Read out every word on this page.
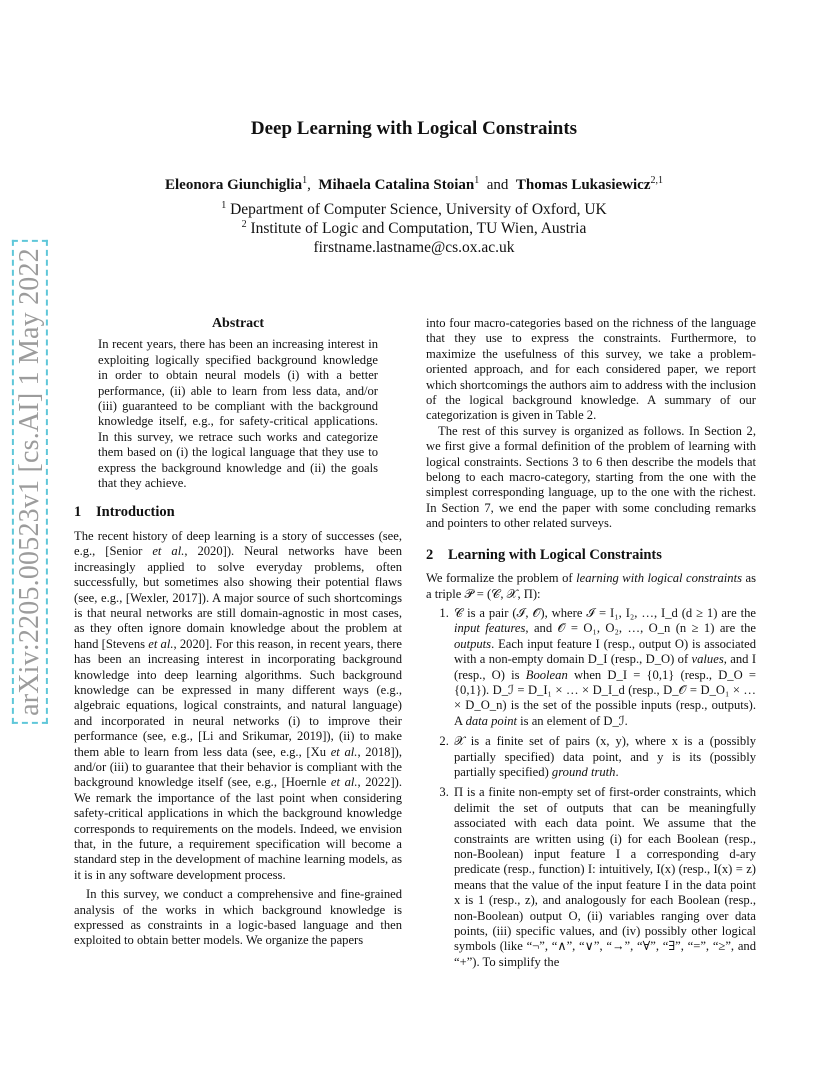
arXiv:2205.00523v1 [cs.AI] 1 May 2022
Deep Learning with Logical Constraints
Eleonora Giunchiglia$^1$,  Mihaela Catalina Stoian$^1$ and Thomas Lukasiewicz$^{2,1}$
$^1$ Department of Computer Science, University of Oxford, UK
$^2$ Institute of Logic and Computation, TU Wien, Austria
firstname.lastname@cs.ox.ac.uk
Abstract

In recent years, there has been an increasing interest in exploiting logically specified background knowledge in order to obtain neural models (i) with a better performance, (ii) able to learn from less data, and/or (iii) guaranteed to be compliant with the background knowledge itself, e.g., for safety-critical applications. In this survey, we retrace such works and categorize them based on (i) the logical language that they use to express the background knowledge and (ii) the goals that they achieve.

1 Introduction

The recent history of deep learning is a story of successes (see, e.g., [Senior et al., 2020]). Neural networks have been increasingly applied to solve everyday problems, often successfully, but sometimes also showing their potential flaws (see, e.g., [Wexler, 2017]). A major source of such shortcomings is that neural networks are still domain-agnostic in most cases, as they often ignore domain knowledge about the problem at hand [Stevens et al., 2020]. For this reason, in recent years, there has been an increasing interest in incorporating background knowledge into deep learning algorithms. Such background knowledge can be expressed in many different ways (e.g., algebraic equations, logical constraints, and natural language) and incorporated in neural networks (i) to improve their performance (see, e.g., [Li and Srikumar, 2019]), (ii) to make them able to learn from less data (see, e.g., [Xu et al., 2018]), and/or (iii) to guarantee that their behavior is compliant with the background knowledge itself (see, e.g., [Hoernle et al., 2022]). We remark the importance of the last point when considering safety-critical applications in which the background knowledge corresponds to requirements on the models. Indeed, we envision that, in the future, a requirement specification will become a standard step in the development of machine learning models, as it is in any software development process.

In this survey, we conduct a comprehensive and fine-grained analysis of the works in which background knowledge is expressed as constraints in a logic-based language and then exploited to obtain better models. We organize the papers

into four macro-categories based on the richness of the language that they use to express the constraints. Furthermore, to maximize the usefulness of this survey, we take a problem-oriented approach, and for each considered paper, we report which shortcomings the authors aim to address with the inclusion of the logical background knowledge. A summary of our categorization is given in Table 2.

The rest of this survey is organized as follows. In Section 2, we first give a formal definition of the problem of learning with logical constraints. Sections 3 to 6 then describe the models that belong to each macro-category, starting from the one with the simplest corresponding language, up to the one with the richest. In Section 7, we end the paper with some concluding remarks and pointers to other related surveys.

2 Learning with Logical Constraints

We formalize the problem of learning with logical constraints as a triple 𝒫 = (𝒞, 𝒳, Π):

1. 𝒞 is a pair (ℐ, 𝒪), where ℐ = I₁, I₂, …, I_d (d ≥ 1) are the input features, and 𝒪 = O₁, O₂, …, O_n (n ≥ 1) are the outputs. Each input feature I (resp., output O) is associated with a non-empty domain D_I (resp., D_O) of values, and I (resp., O) is Boolean when D_I = {0,1} (resp., D_O = {0,1}). D_ℐ = D_I₁ × … × D_I_d (resp., D_𝒪 = D_O₁ × … × D_O_n) is the set of the possible inputs (resp., outputs). A data point is an element of D_ℐ.
2. 𝒳 is a finite set of pairs (x, y), where x is a (possibly partially specified) data point, and y is its (possibly partially specified) ground truth.
3. Π is a finite non-empty set of first-order constraints, which delimit the set of outputs that can be meaningfully associated with each data point. We assume that the constraints are written using (i) for each Boolean (resp., non-Boolean) input feature I a corresponding d-ary predicate (resp., function) I: intuitively, I(x) (resp., I(x) = z) means that the value of the input feature I in the data point x is 1 (resp., z), and analogously for each Boolean (resp., non-Boolean) output O, (ii) variables ranging over data points, (iii) specific values, and (iv) possibly other logical symbols (like “¬”, “∧”, “∨”, “→”, “∀”, “∃”, “=”, “≥”, and “+”). To simplify the
